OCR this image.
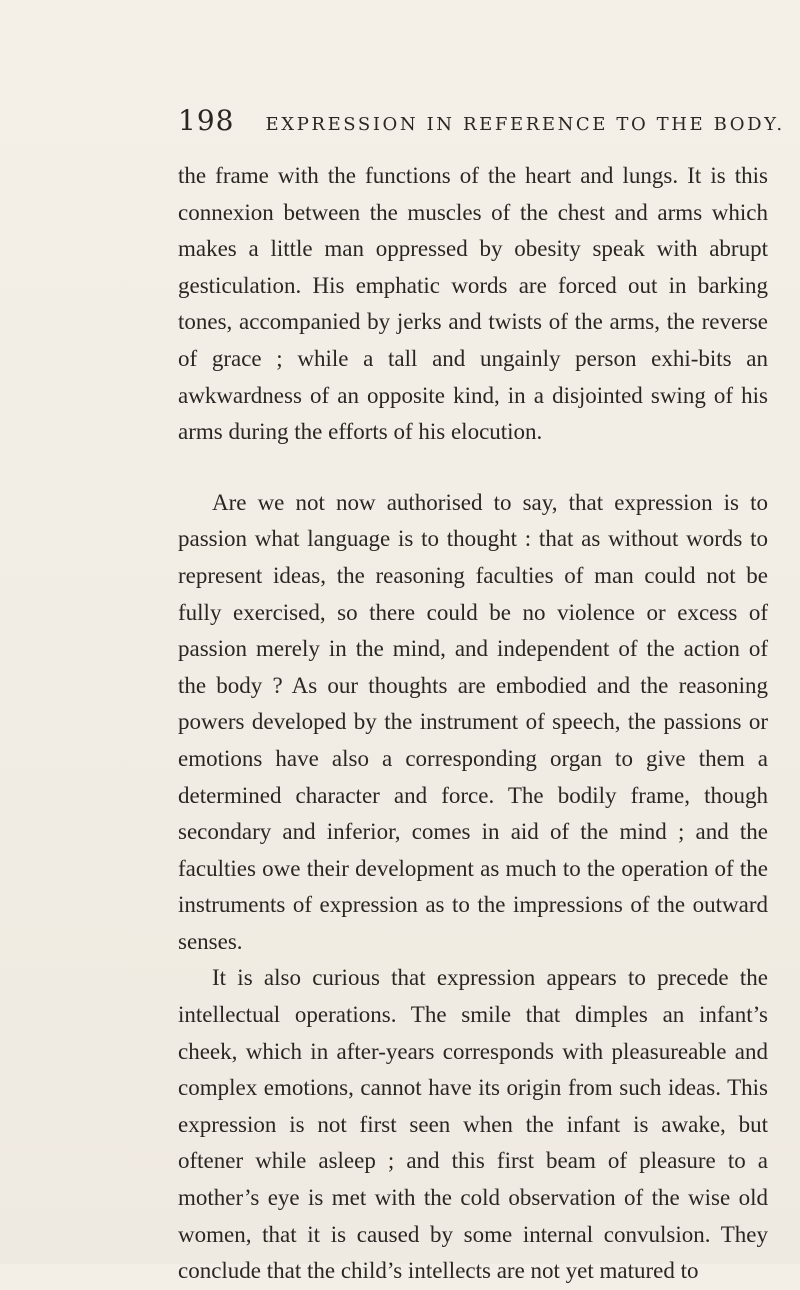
198 EXPRESSION IN REFERENCE TO THE BODY.

the frame with the functions of the heart and lungs. It is this connexion between the muscles of the chest and arms which makes a little man oppressed by obesity speak with abrupt gesticulation. His emphatic words are forced out in barking tones, accompanied by jerks and twists of the arms, the reverse of grace ; while a tall and ungainly person exhi-bits an awkwardness of an opposite kind, in a disjointed swing of his arms during the efforts of his elocution.

Are we not now authorised to say, that expression is to passion what language is to thought : that as without words to represent ideas, the reasoning faculties of man could not be fully exercised, so there could be no violence or excess of passion merely in the mind, and independent of the action of the body ? As our thoughts are embodied and the reasoning powers developed by the instrument of speech, the passions or emotions have also a corresponding organ to give them a determined character and force. The bodily frame, though secondary and inferior, comes in aid of the mind ; and the faculties owe their development as much to the operation of the instruments of expression as to the impressions of the outward senses.

It is also curious that expression appears to precede the intellectual operations. The smile that dimples an infant’s cheek, which in after-years corresponds with pleasureable and complex emotions, cannot have its origin from such ideas. This expression is not first seen when the infant is awake, but oftener while asleep ; and this first beam of pleasure to a mother’s eye is met with the cold observation of the wise old women, that it is caused by some internal convulsion. They conclude that the child’s intellects are not yet matured to
